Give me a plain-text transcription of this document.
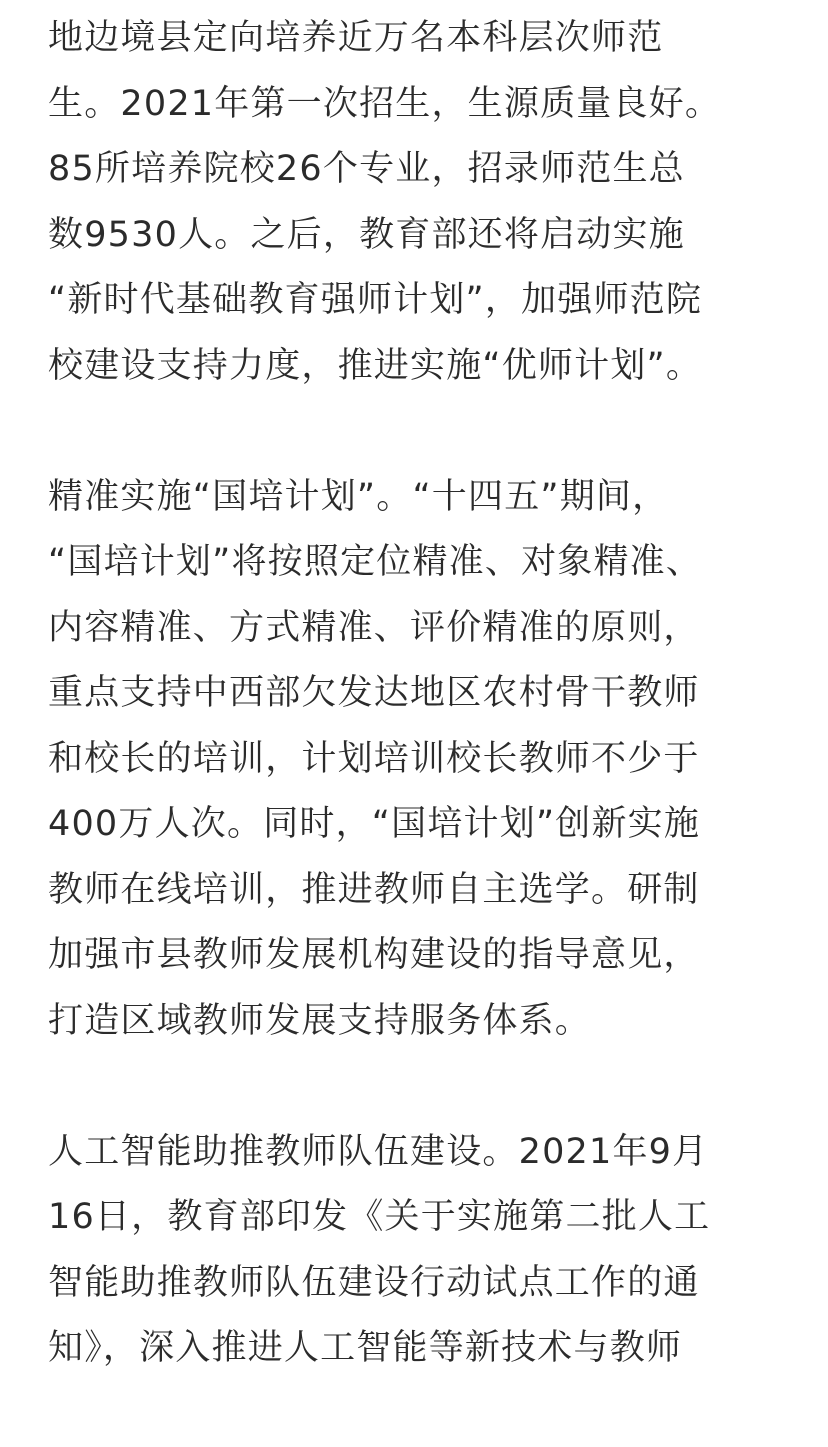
地边境县定向培养近万名本科层次师范
生。2021年第一次招生，生源质量良好。
85所培养院校26个专业，招录师范生总
数9530人。之后，教育部还将启动实施
“新时代基础教育强师计划”，加强师范院
校建设支持力度，推进实施“优师计划”。
精准实施“国培计划”。“十四五”期间，
“国培计划”将按照定位精准、对象精准、
内容精准、方式精准、评价精准的原则，
重点支持中西部欠发达地区农村骨干教师
和校长的培训，计划培训校长教师不少于
400万人次。同时，“国培计划”创新实施
教师在线培训，推进教师自主选学。研制
加强市县教师发展机构建设的指导意见，
打造区域教师发展支持服务体系。
人工智能助推教师队伍建设。2021年9月
16日，教育部印发《关于实施第二批人工
智能助推教师队伍建设行动试点工作的通
知》，深入推进人工智能等新技术与教师
